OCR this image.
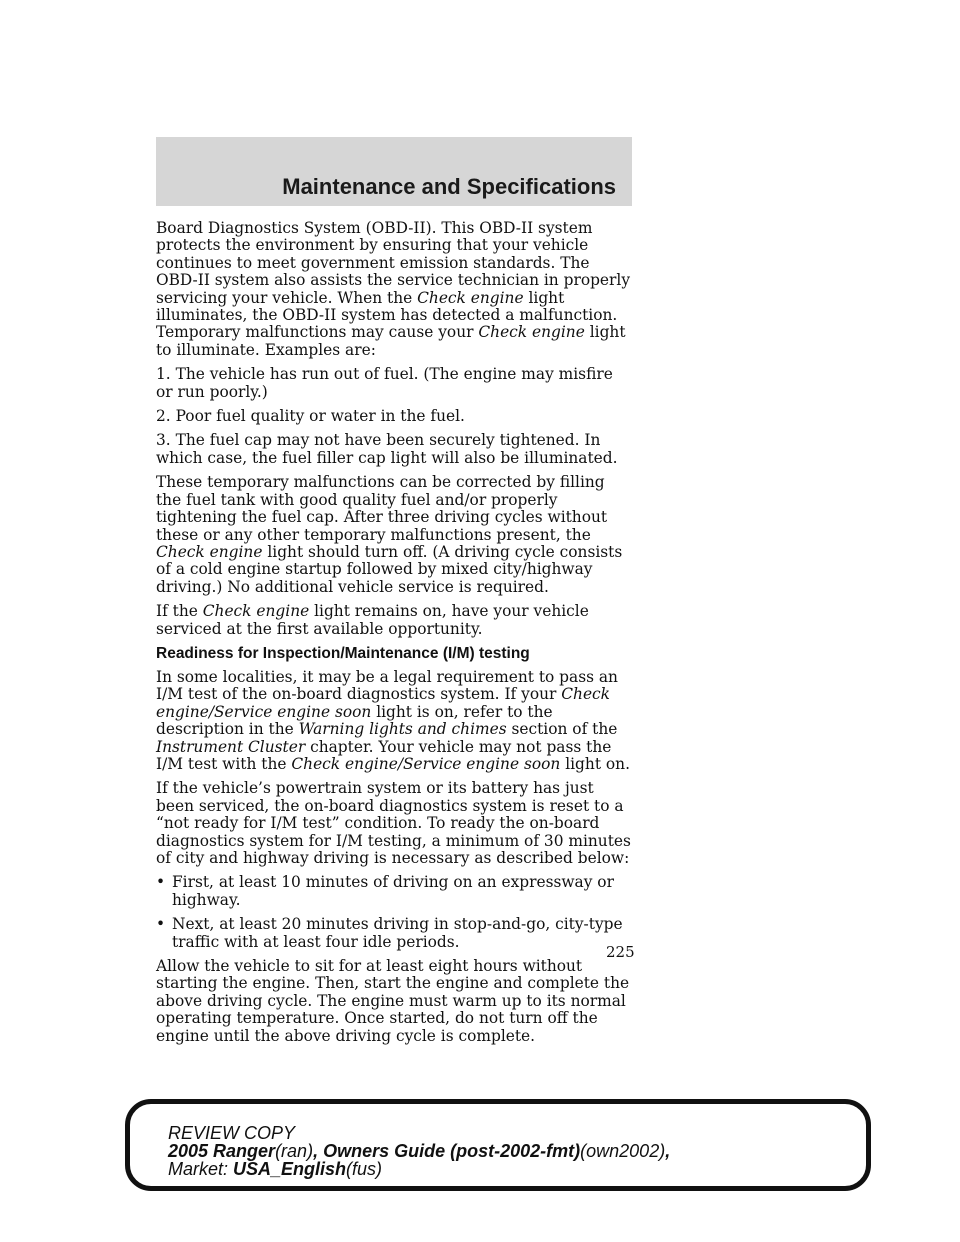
Maintenance and Specifications

Board Diagnostics System (OBD-II). This OBD-II system protects the environment by ensuring that your vehicle continues to meet government emission standards. The OBD-II system also assists the service technician in properly servicing your vehicle. When the Check engine light illuminates, the OBD-II system has detected a malfunction. Temporary malfunctions may cause your Check engine light to illuminate. Examples are:

1. The vehicle has run out of fuel. (The engine may misfire or run poorly.)

2. Poor fuel quality or water in the fuel.

3. The fuel cap may not have been securely tightened. In which case, the fuel filler cap light will also be illuminated.

These temporary malfunctions can be corrected by filling the fuel tank with good quality fuel and/or properly tightening the fuel cap. After three driving cycles without these or any other temporary malfunctions present, the Check engine light should turn off. (A driving cycle consists of a cold engine startup followed by mixed city/highway driving.) No additional vehicle service is required.

If the Check engine light remains on, have your vehicle serviced at the first available opportunity.

Readiness for Inspection/Maintenance (I/M) testing

In some localities, it may be a legal requirement to pass an I/M test of the on-board diagnostics system. If your Check engine/Service engine soon light is on, refer to the description in the Warning lights and chimes section of the Instrument Cluster chapter. Your vehicle may not pass the I/M test with the Check engine/Service engine soon light on.

If the vehicle’s powertrain system or its battery has just been serviced, the on-board diagnostics system is reset to a “not ready for I/M test” condition. To ready the on-board diagnostics system for I/M testing, a minimum of 30 minutes of city and highway driving is necessary as described below:

• First, at least 10 minutes of driving on an expressway or highway.
• Next, at least 20 minutes driving in stop-and-go, city-type traffic with at least four idle periods.

Allow the vehicle to sit for at least eight hours without starting the engine. Then, start the engine and complete the above driving cycle. The engine must warm up to its normal operating temperature. Once started, do not turn off the engine until the above driving cycle is complete.

225
REVIEW COPY
2005 Ranger(ran), Owners Guide (post-2002-fmt)(own2002),
Market: USA_English(fus)
